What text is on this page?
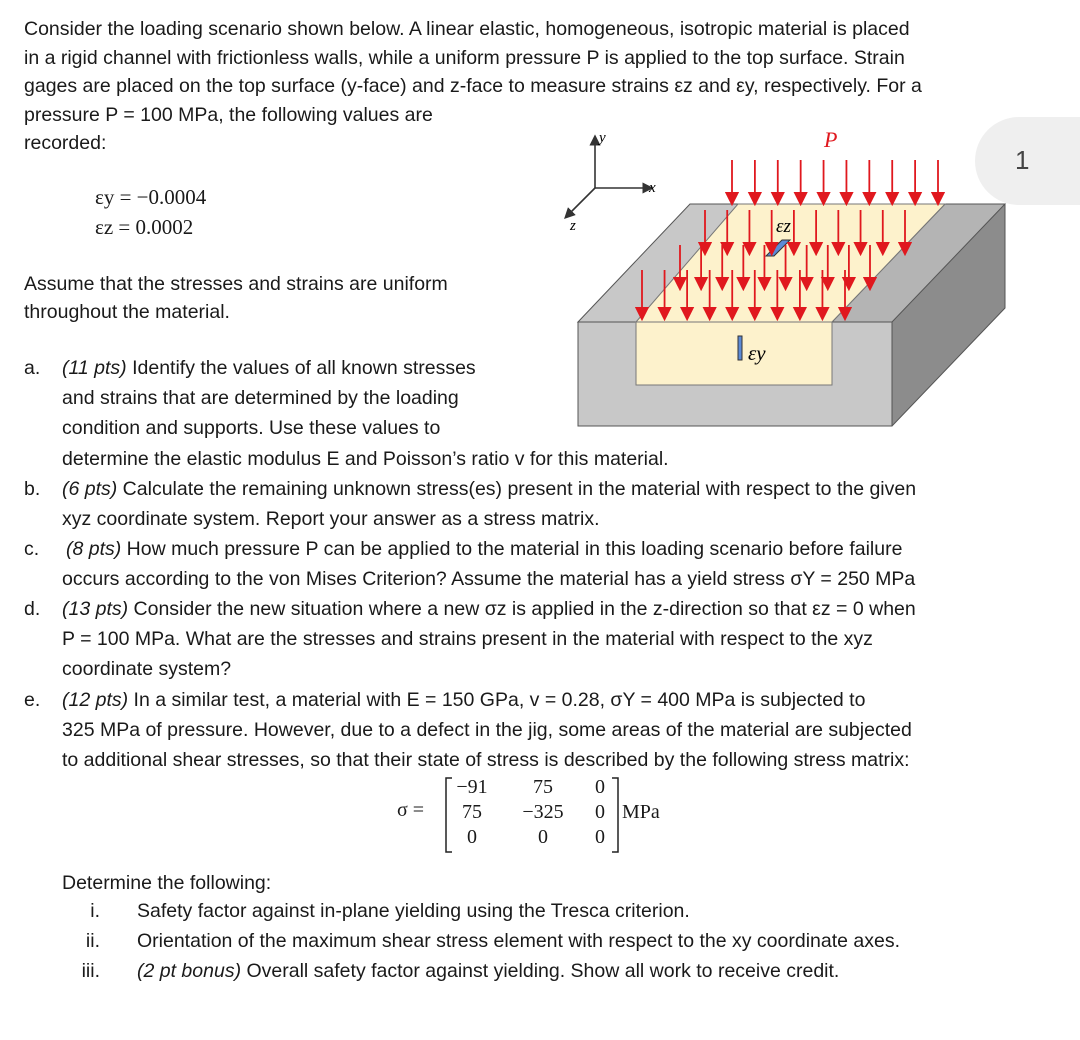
Consider the loading scenario shown below. A linear elastic, homogeneous, isotropic material is placed
in a rigid channel with frictionless walls, while a uniform pressure P is applied to the top surface. Strain
gages are placed on the top surface (y-face) and z-face to measure strains εz and εy, respectively. For a
pressure P = 100 MPa, the following values are
recorded:
εy = −0.0004
εz = 0.0002
Assume that the stresses and strains are uniform
throughout the material.
y
x
z
P
εz
εy
1
a. (11 pts) Identify the values of all known stresses
and strains that are determined by the loading
condition and supports. Use these values to
determine the elastic modulus E and Poisson’s ratio v for this material.
b. (6 pts) Calculate the remaining unknown stress(es) present in the material with respect to the given
xyz coordinate system. Report your answer as a stress matrix.
c. (8 pts) How much pressure P can be applied to the material in this loading scenario before failure
occurs according to the von Mises Criterion? Assume the material has a yield stress σY = 250 MPa
d. (13 pts) Consider the new situation where a new σz is applied in the z-direction so that εz = 0 when
P = 100 MPa. What are the stresses and strains present in the material with respect to the xyz
coordinate system?
e. (12 pts) In a similar test, a material with E = 150 GPa, v = 0.28, σY = 400 MPa is subjected to
325 MPa of pressure. However, due to a defect in the jig, some areas of the material are subjected
to additional shear stresses, so that their state of stress is described by the following stress matrix:
σ =
−91	75	0
75	−325	0
0	0	0
MPa
Determine the following:
i. Safety factor against in-plane yielding using the Tresca criterion.
ii. Orientation of the maximum shear stress element with respect to the xy coordinate axes.
iii. (2 pt bonus) Overall safety factor against yielding. Show all work to receive credit.
